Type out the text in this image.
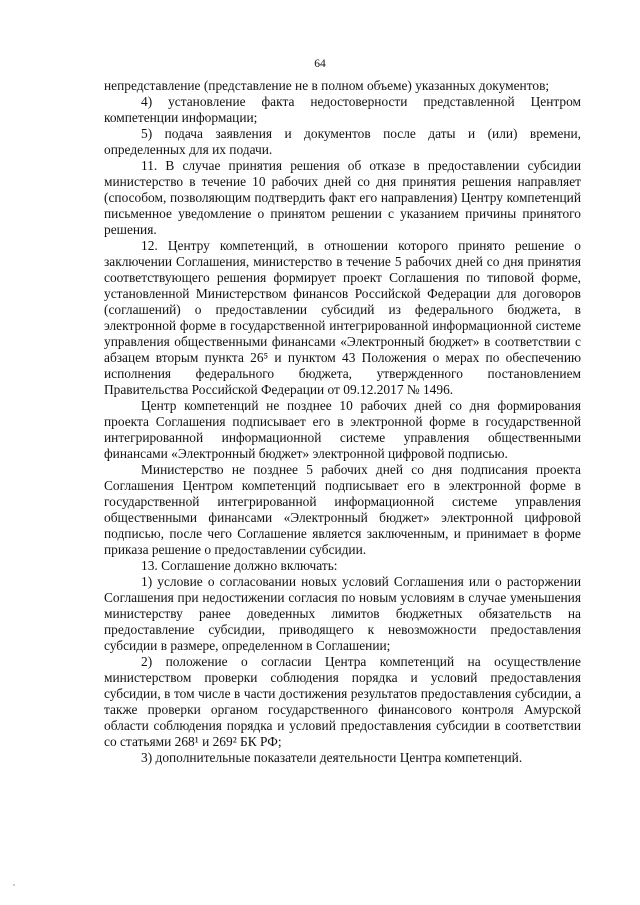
64

непредставление (представление не в полном объеме) указанных документов;

4) установление факта недостоверности представленной Центром компетенции информации;

5) подача заявления и документов после даты и (или) времени, определенных для их подачи.

11. В случае принятия решения об отказе в предоставлении субсидии министерство в течение 10 рабочих дней со дня принятия решения направляет (способом, позволяющим подтвердить факт его направления) Центру компетенций письменное уведомление о принятом решении с указанием причины принятого решения.

12. Центру компетенций, в отношении которого принято решение о заключении Соглашения, министерство в течение 5 рабочих дней со дня принятия соответствующего решения формирует проект Соглашения по типовой форме, установленной Министерством финансов Российской Федерации для договоров (соглашений) о предоставлении субсидий из федерального бюджета, в электронной форме в государственной интегрированной информационной системе управления общественными финансами «Электронный бюджет» в соответствии с абзацем вторым пункта 26⁵ и пунктом 43 Положения о мерах по обеспечению исполнения федерального бюджета, утвержденного постановлением Правительства Российской Федерации от 09.12.2017 № 1496.

Центр компетенций не позднее 10 рабочих дней со дня формирования проекта Соглашения подписывает его в электронной форме в государственной интегрированной информационной системе управления общественными финансами «Электронный бюджет» электронной цифровой подписью.

Министерство не позднее 5 рабочих дней со дня подписания проекта Соглашения Центром компетенций подписывает его в электронной форме в государственной интегрированной информационной системе управления общественными финансами «Электронный бюджет» электронной цифровой подписью, после чего Соглашение является заключенным, и принимает в форме приказа решение о предоставлении субсидии.

13. Соглашение должно включать:

1) условие о согласовании новых условий Соглашения или о расторжении Соглашения при недостижении согласия по новым условиям в случае уменьшения министерству ранее доведенных лимитов бюджетных обязательств на предоставление субсидии, приводящего к невозможности предоставления субсидии в размере, определенном в Соглашении;

2) положение о согласии Центра компетенций на осуществление министерством проверки соблюдения порядка и условий предоставления субсидии, в том числе в части достижения результатов предоставления субсидии, а также проверки органом государственного финансового контроля Амурской области соблюдения порядка и условий предоставления субсидии в соответствии со статьями 268¹ и 269² БК РФ;

3) дополнительные показатели деятельности Центра компетенций.
